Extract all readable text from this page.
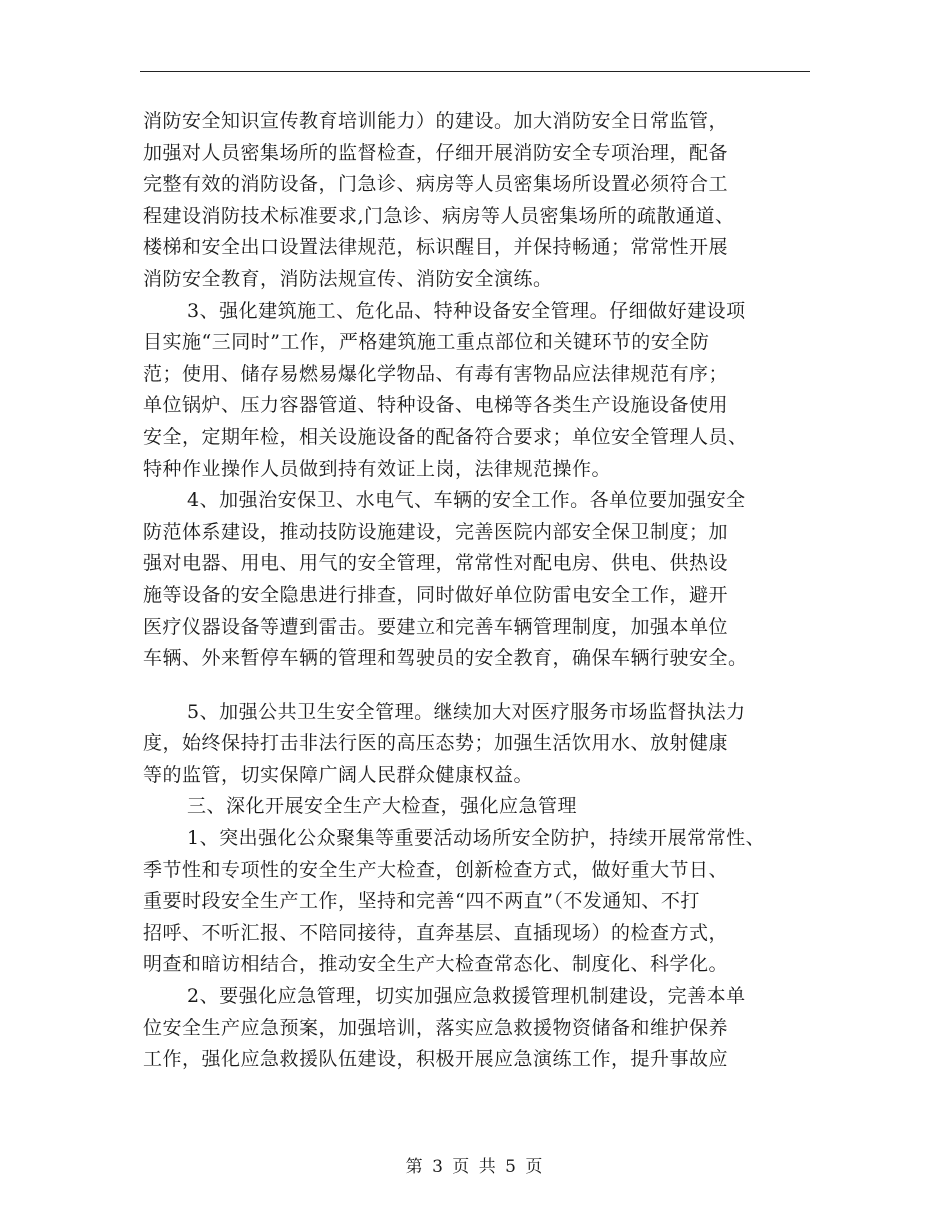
消防安全知识宣传教育培训能力）的建设。加大消防安全日常监管，
加强对人员密集场所的监督检查，仔细开展消防安全专项治理，配备
完整有效的消防设备，门急诊、病房等人员密集场所设置必须符合工
程建设消防技术标准要求,门急诊、病房等人员密集场所的疏散通道、
楼梯和安全出口设置法律规范，标识醒目，并保持畅通；常常性开展
消防安全教育，消防法规宣传、消防安全演练。
3、强化建筑施工、危化品、特种设备安全管理。仔细做好建设项
目实施“三同时”工作，严格建筑施工重点部位和关键环节的安全防
范；使用、储存易燃易爆化学物品、有毒有害物品应法律规范有序；
单位锅炉、压力容器管道、特种设备、电梯等各类生产设施设备使用
安全，定期年检，相关设施设备的配备符合要求；单位安全管理人员、
特种作业操作人员做到持有效证上岗，法律规范操作。
4、加强治安保卫、水电气、车辆的安全工作。各单位要加强安全
防范体系建设，推动技防设施建设，完善医院内部安全保卫制度；加
强对电器、用电、用气的安全管理，常常性对配电房、供电、供热设
施等设备的安全隐患进行排查，同时做好单位防雷电安全工作，避开
医疗仪器设备等遭到雷击。要建立和完善车辆管理制度，加强本单位
车辆、外来暂停车辆的管理和驾驶员的安全教育，确保车辆行驶安全。
5、加强公共卫生安全管理。继续加大对医疗服务市场监督执法力
度，始终保持打击非法行医的高压态势；加强生活饮用水、放射健康
等的监管，切实保障广阔人民群众健康权益。
三、深化开展安全生产大检查，强化应急管理
1、突出强化公众聚集等重要活动场所安全防护，持续开展常常性、
季节性和专项性的安全生产大检查，创新检查方式，做好重大节日、
重要时段安全生产工作，坚持和完善“四不两直”（不发通知、不打
招呼、不听汇报、不陪同接待，直奔基层、直插现场）的检查方式，
明查和暗访相结合，推动安全生产大检查常态化、制度化、科学化。
2、要强化应急管理，切实加强应急救援管理机制建设，完善本单
位安全生产应急预案，加强培训，落实应急救援物资储备和维护保养
工作，强化应急救援队伍建设，积极开展应急演练工作，提升事故应
第 3 页 共 5 页
